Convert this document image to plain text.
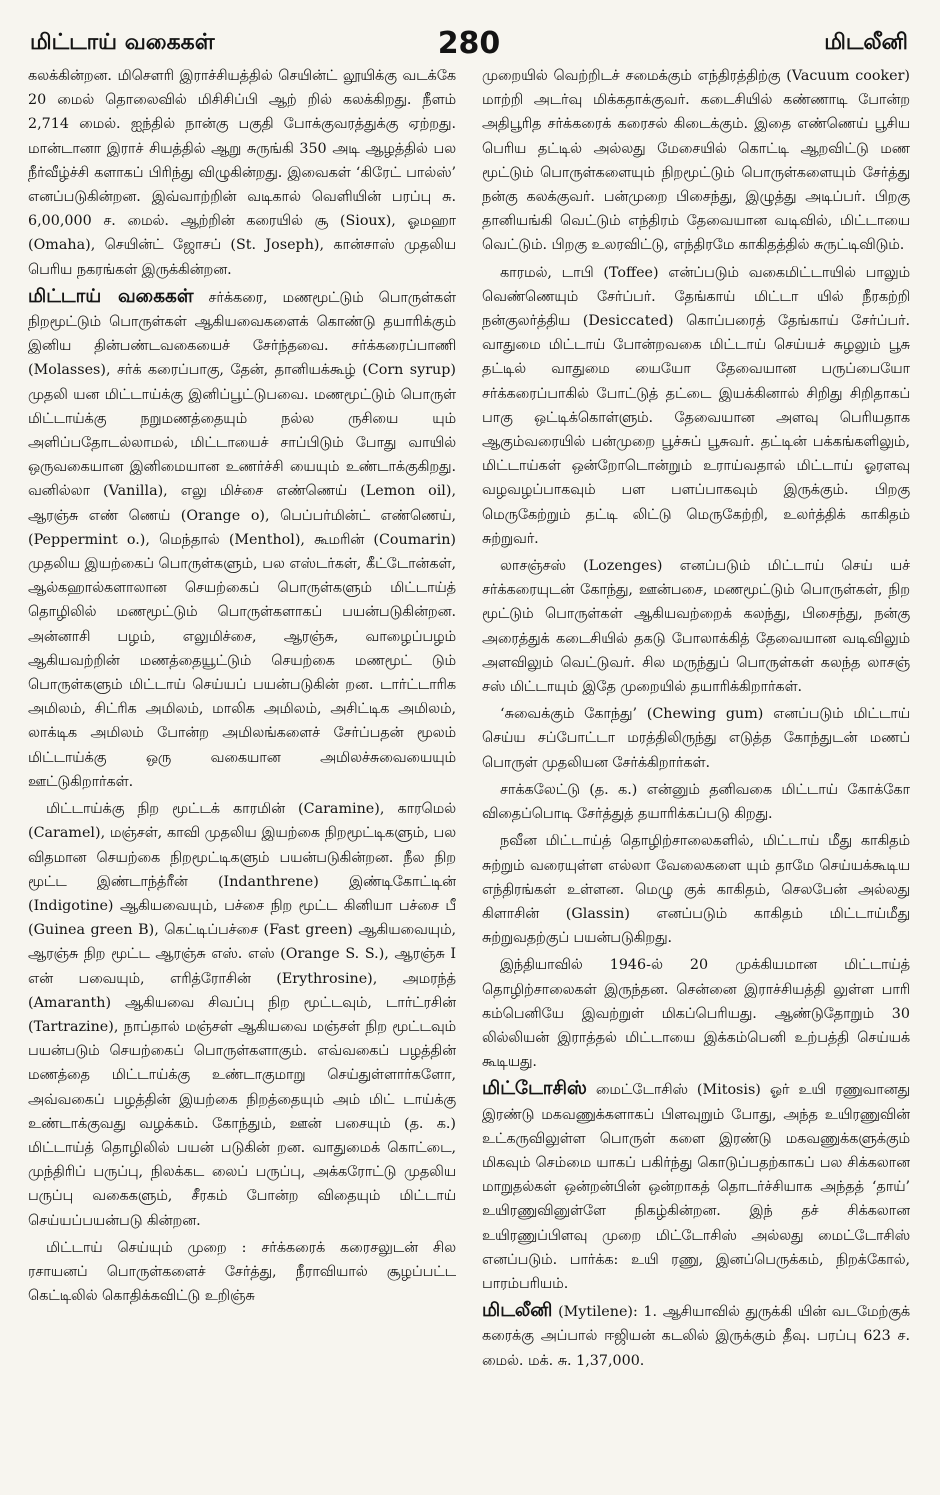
மிட்டாய் வகைகள்	280	மிடலீனி

கலக்கின்றன. மிசௌரி இராச்சியத்தில் செயின்ட் லூயிக்கு வடக்கே 20 மைல் தொலைவில் மிசிசிப்பி ஆற் றில் கலக்கிறது. நீளம் 2,714 மைல். ஐந்தில் நான்கு பகுதி போக்குவரத்துக்கு ஏற்றது. மான்டானா இராச் சியத்தில் ஆறு சுருங்கி 350 அடி ஆழத்தில் பல நீர்வீழ்ச்சி களாகப் பிரிந்து விழுகின்றது. இவைகள் ‘கிரேட் பால்ஸ்’ எனப்படுகின்றன. இவ்வாற்றின் வடிகால் வெளியின் பரப்பு சு. 6,00,000 ச. மைல். ஆற்றின் கரையில் சூ (Sioux), ஓமஹா (Omaha), செயின்ட் ஜோசப் (St. Joseph), கான்சாஸ் முதலிய பெரிய நகரங்கள் இருக்கின்றன.

மிட்டாய் வகைகள் சர்க்கரை, மணமூட்டும் பொருள்கள் நிறமூட்டும் பொருள்கள் ஆகியவைகளைக் கொண்டு தயாரிக்கும் இனிய தின்பண்டவகையைச் சேர்ந்தவை. சர்க்கரைப்பாணி (Molasses), சர்க் கரைப்பாகு, தேன், தானியக்கூழ் (Corn syrup) முதலி யன மிட்டாய்க்கு இனிப்பூட்டுபவை. மணமூட்டும் பொருள் மிட்டாய்க்கு நறுமணத்தையும் நல்ல ருசியை யும் அளிப்பதோடல்லாமல், மிட்டாயைச் சாப்பிடும் போது வாயில் ஒருவகையான இனிமையான உணர்ச்சி யையும் உண்டாக்குகிறது. வனில்லா (Vanilla), எலு மிச்சை எண்ணெய் (Lemon oil), ஆரஞ்சு எண் ணெய் (Orange o), பெப்பர்மின்ட் எண்ணெய், (Peppermint o.), மெந்தால் (Menthol), கூமரின் (Coumarin) முதலிய இயற்கைப் பொருள்களும், பல எஸ்டர்கள், கீட்டோன்கள், ஆல்கஹால்களாலான செயற்கைப் பொருள்களும் மிட்டாய்த் தொழிலில் மணமூட்டும் பொருள்களாகப் பயன்படுகின்றன. அன்னாசி பழம், எலுமிச்சை, ஆரஞ்சு, வாழைப்பழம் ஆகியவற்றின் மணத்தையூட்டும் செயற்கை மணமூட் டும் பொருள்களும் மிட்டாய் செய்யப் பயன்படுகின் றன. டார்ட்டாரிக அமிலம், சிட்ரிக அமிலம், மாலிக அமிலம், அசிட்டிக அமிலம், லாக்டிக அமிலம் போன்ற அமிலங்களைச் சேர்ப்பதன் மூலம் மிட்டாய்க்கு ஒரு வகையான அமிலச்சுவையையும் ஊட்டுகிறார்கள்.

மிட்டாய்க்கு நிற மூட்டக் காரமின் (Caramine), காரமெல் (Caramel), மஞ்சள், காவி முதலிய இயற்கை நிறமூட்டிகளும், பல விதமான செயற்கை நிறமூட்டிகளும் பயன்படுகின்றன. நீல நிற மூட்ட இண்டாந்த்ரீன் (Indanthrene) இண்டிகோட்டின் (Indigotine) ஆகியவையும், பச்சை நிற மூட்ட கினியா பச்சை பீ (Guinea green B), கெட்டிப்பச்சை (Fast green) ஆகியவையும், ஆரஞ்சு நிற மூட்ட ஆரஞ்சு எஸ். எஸ் (Orange S. S.), ஆரஞ்சு I என் பவையும், எரித்ரோசின் (Erythrosine), அமரந்த் (Amaranth) ஆகியவை சிவப்பு நிற மூட்டவும், டார்ட்ரசின் (Tartrazine), நாப்தால் மஞ்சள் ஆகியவை மஞ்சள் நிற மூட்டவும் பயன்படும் செயற்கைப் பொருள்களாகும். எவ்வகைப் பழத்தின் மணத்தை மிட்டாய்க்கு உண்டாகுமாறு செய்துள்ளார்களோ, அவ்வகைப் பழத்தின் இயற்கை நிறத்தையும் அம் மிட் டாய்க்கு உண்டாக்குவது வழக்கம். கோந்தும், ஊன் பசையும் (த. க.) மிட்டாய்த் தொழிலில் பயன் படுகின் றன. வாதுமைக் கொட்டை, முந்திரிப் பருப்பு, நிலக்கட லைப் பருப்பு, அக்கரோட்டு முதலிய பருப்பு வகைகளும், சீரகம் போன்ற விதையும் மிட்டாய் செய்யப்பயன்படு கின்றன.

மிட்டாய் செய்யும் முறை : சர்க்கரைக் கரைசலுடன் சில ரசாயனப் பொருள்களைச் சேர்த்து, நீராவியால் சூழப்பட்ட கெட்டிலில் கொதிக்கவிட்டு உறிஞ்சு

முறையில் வெற்றிடச் சமைக்கும் எந்திரத்திற்கு (Vacuum cooker) மாற்றி அடர்வு மிக்கதாக்குவர். கடைசியில் கண்ணாடி போன்ற அதிபூரித சர்க்கரைக் கரைசல் கிடைக்கும். இதை எண்ணெய் பூசிய பெரிய தட்டில் அல்லது மேசையில் கொட்டி ஆறவிட்டு மண மூட்டும் பொருள்களையும் நிறமூட்டும் பொருள்களையும் சேர்த்து நன்கு கலக்குவர். பன்முறை பிசைந்து, இழுத்து அடிப்பர். பிறகு தானியங்கி வெட்டும் எந்திரம் தேவையான வடிவில், மிட்டாயை வெட்டும். பிறகு உலரவிட்டு, எந்திரமே காகிதத்தில் சுருட்டிவிடும்.

காரமல், டாபி (Toffee) என்ப்படும் வகைமிட்டாயில் பாலும் வெண்ணெயும் சேர்ப்பர். தேங்காய் மிட்டா யில் நீரகற்றி நன்குலர்த்திய (Desiccated) கொப்பரைத் தேங்காய் சேர்ப்பர். வாதுமை மிட்டாய் போன்றவகை மிட்டாய் செய்யச் சுழலும் பூசு தட்டில் வாதுமை யையோ தேவையான பருப்பையோ சர்க்கரைப்பாகில் போட்டுத் தட்டை இயக்கினால் சிறிது சிறிதாகப் பாகு ஒட்டிக்கொள்ளும். தேவையான அளவு பெரியதாக ஆகும்வரையில் பன்முறை பூச்சுப் பூசுவர். தட்டின் பக்கங்களிலும், மிட்டாய்கள் ஒன்றோடொன்றும் உராய்வதால் மிட்டாய் ஓரளவு வழவழப்பாகவும் பள பளப்பாகவும் இருக்கும். பிறகு மெருகேற்றும் தட்டி லிட்டு மெருகேற்றி, உலர்த்திக் காகிதம் சுற்றுவர்.

லாசஞ்சஸ் (Lozenges) எனப்படும் மிட்டாய் செய் யச் சர்க்கரையுடன் கோந்து, ஊன்பசை, மணமூட்டும் பொருள்கள், நிற மூட்டும் பொருள்கள் ஆகியவற்றைக் கலந்து, பிசைந்து, நன்கு அரைத்துக் கடைசியில் தகடு போலாக்கித் தேவையான வடிவிலும் அளவிலும் வெட்டுவர். சில மருந்துப் பொருள்கள் கலந்த லாசஞ் சஸ் மிட்டாயும் இதே முறையில் தயாரிக்கிறார்கள்.

‘சுவைக்கும் கோந்து’ (Chewing gum) எனப்படும் மிட்டாய் செய்ய சப்போட்டா மரத்திலிருந்து எடுத்த கோந்துடன் மணப் பொருள் முதலியன சேர்க்கிறார்கள்.

சாக்கலேட்டு (த. க.) என்னும் தனிவகை மிட்டாய் கோக்கோ விதைப்பொடி சேர்த்துத் தயாரிக்கப்படு கிறது.

நவீன மிட்டாய்த் தொழிற்சாலைகளில், மிட்டாய் மீது காகிதம் சுற்றும் வரையுள்ள எல்லா வேலைகளை யும் தாமே செய்யக்கூடிய எந்திரங்கள் உள்ளன. மெழு குக் காகிதம், செலபேன் அல்லது கிளாசின் (Glassin) எனப்படும் காகிதம் மிட்டாய்மீது சுற்றுவதற்குப் பயன்படுகிறது.

இந்தியாவில் 1946-ல் 20 முக்கியமான மிட்டாய்த் தொழிற்சாலைகள் இருந்தன. சென்னை இராச்சியத்தி லுள்ள பாரி கம்பெனியே இவற்றுள் மிகப்பெரியது. ஆண்டுதோறும் 30 லில்லியன் இராத்தல் மிட்டாயை இக்கம்பெனி உற்பத்தி செய்யக் கூடியது.

மிட்டோசிஸ் மைட்டோசிஸ் (Mitosis) ஓர் உயி ரணுவானது இரண்டு மகவணுக்களாகப் பிளவுறும் போது, அந்த உயிரணுவின் உட்கருவிலுள்ள பொருள் களை இரண்டு மகவணுக்களுக்கும் மிகவும் செம்மை யாகப் பகிர்ந்து கொடுப்பதற்காகப் பல சிக்கலான மாறுதல்கள் ஒன்றன்பின் ஒன்றாகத் தொடர்ச்சியாக அந்தத் ‘தாய்’ உயிரணுவினுள்ளே நிகழ்கின்றன. இந் தச் சிக்கலான உயிரணுப்பிளவு முறை மிட்டோசிஸ் அல்லது மைட்டோசிஸ் எனப்படும். பார்க்க: உயி ரணு, இனப்பெருக்கம், நிறக்கோல், பாரம்பரியம்.

மிடலீனி (Mytilene): 1. ஆசியாவில் துருக்கி யின் வடமேற்குக் கரைக்கு அப்பால் ஈஜியன் கடலில் இருக்கும் தீவு. பரப்பு 623 ச. மைல். மக். சு. 1,37,000.
